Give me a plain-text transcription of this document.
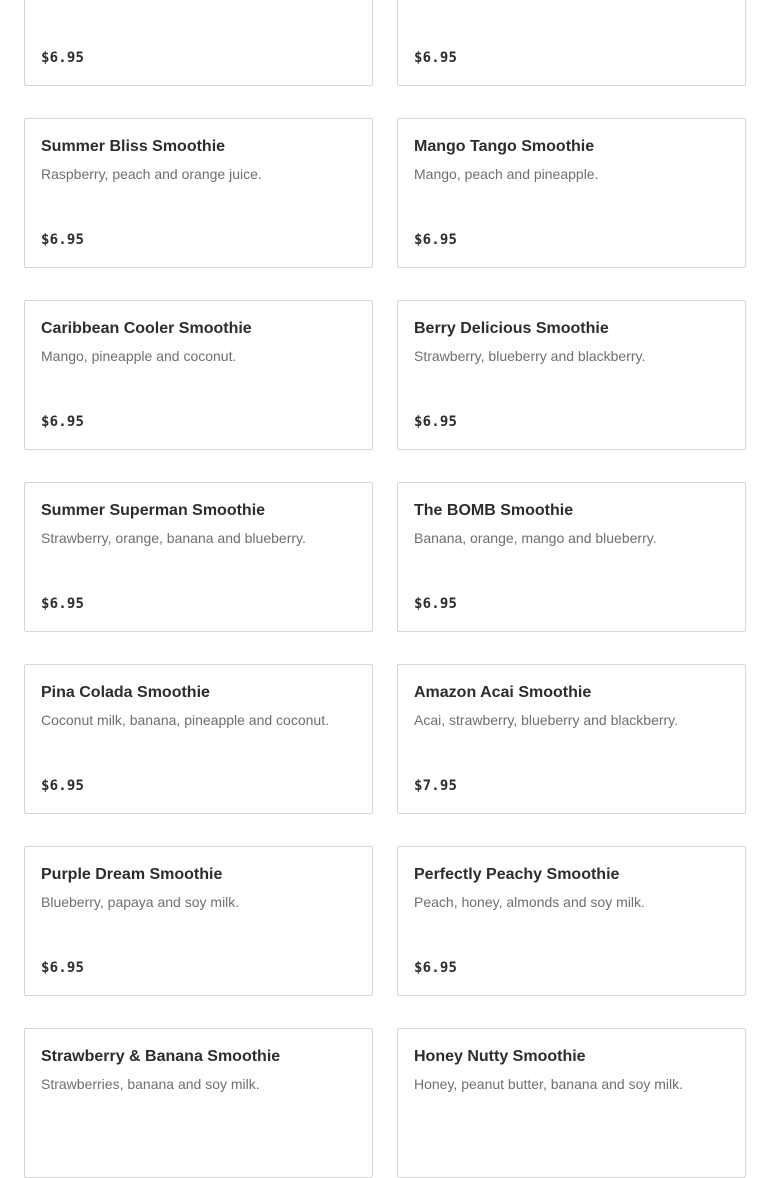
$6.95	$6.95
Summer Bliss Smoothie
Raspberry, peach and orange juice.
$6.95
Mango Tango Smoothie
Mango, peach and pineapple.
$6.95
Caribbean Cooler Smoothie
Mango, pineapple and coconut.
$6.95
Berry Delicious Smoothie
Strawberry, blueberry and blackberry.
$6.95
Summer Superman Smoothie
Strawberry, orange, banana and blueberry.
$6.95
The BOMB Smoothie
Banana, orange, mango and blueberry.
$6.95
Pina Colada Smoothie
Coconut milk, banana, pineapple and coconut.
$6.95
Amazon Acai Smoothie
Acai, strawberry, blueberry and blackberry.
$7.95
Purple Dream Smoothie
Blueberry, papaya and soy milk.
$6.95
Perfectly Peachy Smoothie
Peach, honey, almonds and soy milk.
$6.95
Strawberry & Banana Smoothie
Strawberries, banana and soy milk.
Honey Nutty Smoothie
Honey, peanut butter, banana and soy milk.
